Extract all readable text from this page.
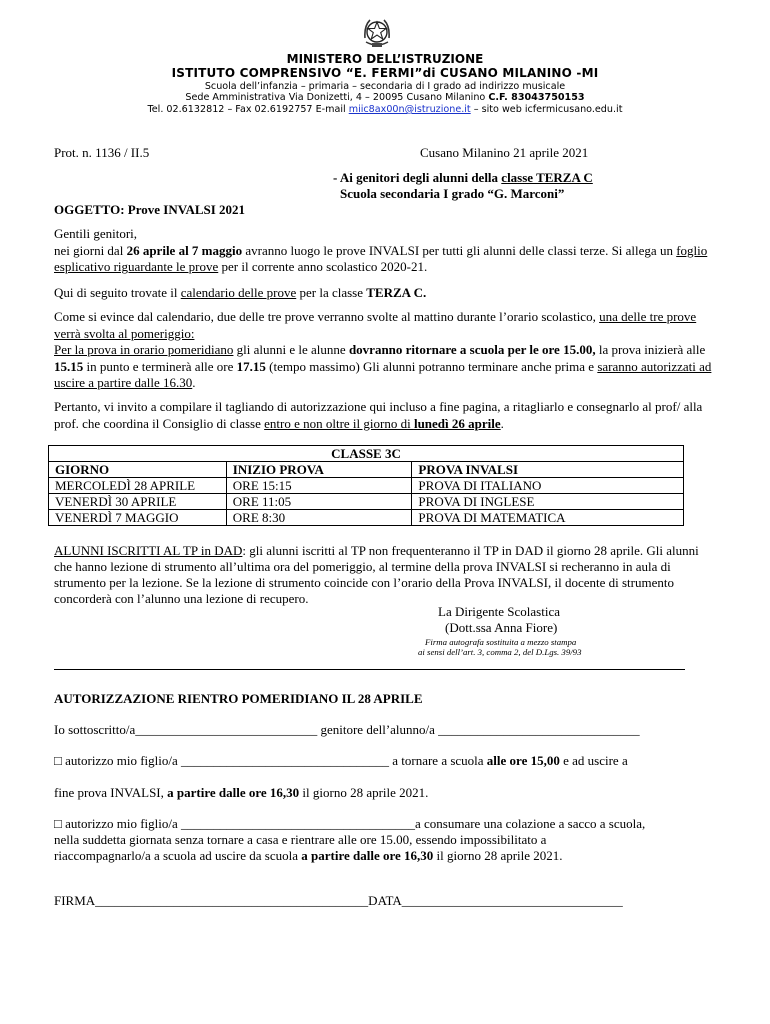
MINISTERO DELL’ISTRUZIONE
ISTITUTO COMPRENSIVO “E. FERMI”di CUSANO MILANINO -MI
Scuola dell’infanzia – primaria – secondaria di I grado ad indirizzo musicale
Sede Amministrativa Via Donizetti, 4 – 20095 Cusano Milanino C.F. 83043750153
Tel. 02.6132812 – Fax 02.6192757 E-mail miic8ax00n@istruzione.it – sito web icfermicusano.edu.it
Prot. n. 1136 / II.5	Cusano Milanino 21 aprile 2021
- Ai genitori degli alunni della classe TERZA C
Scuola secondaria I grado “G. Marconi”
OGGETTO: Prove INVALSI 2021
Gentili genitori,
nei giorni dal 26 aprile al 7 maggio avranno luogo le prove INVALSI per tutti gli alunni delle classi terze. Si allega un foglio esplicativo riguardante le prove per il corrente anno scolastico 2020-21.
Qui di seguito trovate il calendario delle prove per la classe TERZA C.
Come si evince dal calendario, due delle tre prove verranno svolte al mattino durante l’orario scolastico, una delle tre prove verrà svolta al pomeriggio:
Per la prova in orario pomeridiano gli alunni e le alunne dovranno ritornare a scuola per le ore 15.00, la prova inizierà alle 15.15 in punto e terminerà alle ore 17.15 (tempo massimo) Gli alunni potranno terminare anche prima e saranno autorizzati ad uscire a partire dalle 16.30.
Pertanto, vi invito a compilare il tagliando di autorizzazione qui incluso a fine pagina, a ritagliarlo e consegnarlo al prof/ alla prof. che coordina il Consiglio di classe entro e non oltre il giorno di lunedì 26 aprile.
CLASSE 3C		
GIORNO	INIZIO PROVA	PROVA INVALSI
MERCOLEDÌ 28 APRILE	ORE 15:15	PROVA DI ITALIANO
VENERDÌ 30 APRILE	ORE 11:05	PROVA DI INGLESE
VENERDÌ 7 MAGGIO	ORE 8:30	PROVA DI MATEMATICA
ALUNNI ISCRITTI AL TP in DAD: gli alunni iscritti al TP non frequenteranno il TP in DAD il giorno 28 aprile. Gli alunni che hanno lezione di strumento all’ultima ora del pomeriggio, al termine della prova INVALSI si recheranno in aula di strumento per la lezione. Se la lezione di strumento coincide con l’orario della Prova INVALSI, il docente di strumento concorderà con l’alunno una lezione di recupero.
La Dirigente Scolastica
(Dott.ssa Anna Fiore)
Firma autografa sostituita a mezzo stampa
ai sensi dell’art. 3, comma 2, del D.Lgs. 39/93
AUTORIZZAZIONE RIENTRO POMERIDIANO IL 28 APRILE
Io sottoscritto/a____________________________ genitore dell’alunno/a _______________________________
□ autorizzo mio figlio/a ________________________________ a tornare a scuola alle ore 15,00 e ad uscire a
fine prova INVALSI, a partire dalle ore 16,30 il giorno 28 aprile 2021.
□ autorizzo mio figlio/a ____________________________________a consumare una colazione a sacco a scuola,
nella suddetta giornata senza tornare a casa e rientrare alle ore 15.00, essendo impossibilitato a
riaccompagnarlo/a a scuola ad uscire da scuola a partire dalle ore 16,30 il giorno 28 aprile 2021.
FIRMA__________________________________________DATA__________________________________
